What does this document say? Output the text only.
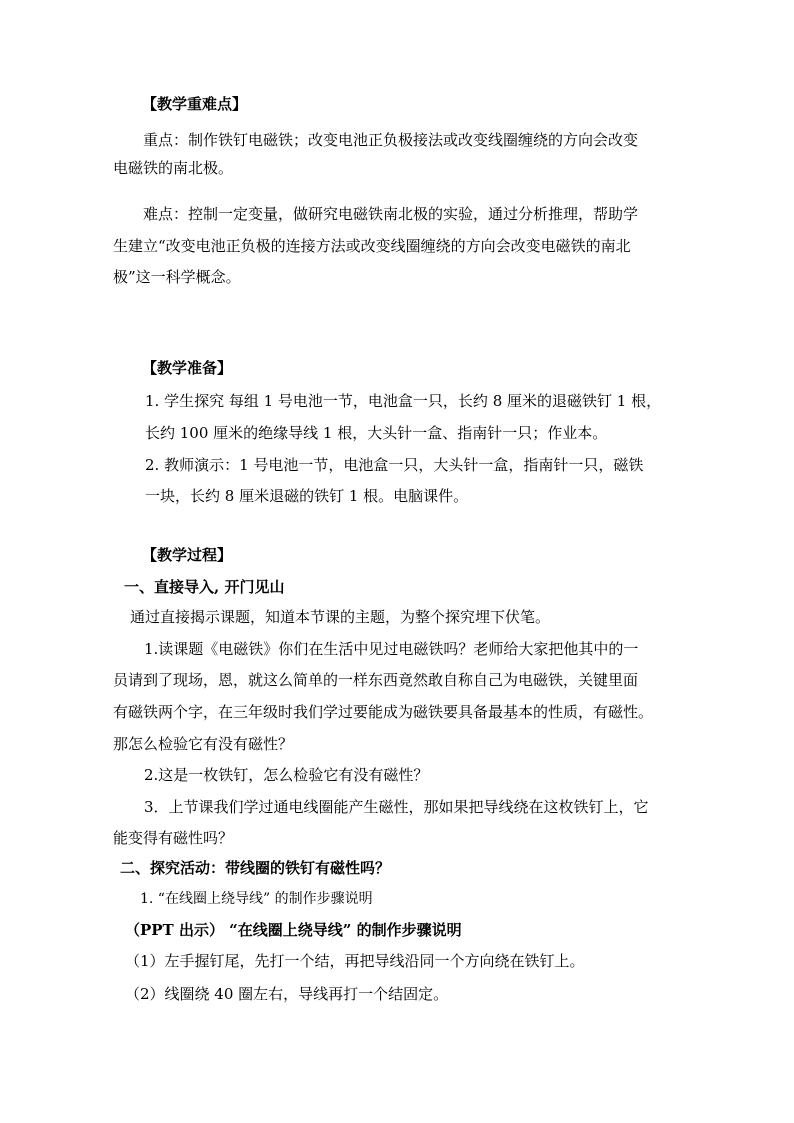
【教学重难点】
重点：制作铁钉电磁铁；改变电池正负极接法或改变线圈缠绕的方向会改变
电磁铁的南北极。
难点：控制一定变量，做研究电磁铁南北极的实验，通过分析推理，帮助学
生建立“改变电池正负极的连接方法或改变线圈缠绕的方向会改变电磁铁的南北
极”这一科学概念。
【教学准备】
1. 学生探究 每组 1 号电池一节，电池盒一只，长约 8 厘米的退磁铁钉 1 根，
长约 100 厘米的绝缘导线 1 根，大头针一盒、指南针一只；作业本。
2. 教师演示：1 号电池一节，电池盒一只，大头针一盒，指南针一只，磁铁
一块，长约 8 厘米退磁的铁钉 1 根。电脑课件。
【教学过程】
一、直接导入, 开门见山
通过直接揭示课题，知道本节课的主题，为整个探究埋下伏笔。
1.读课题《电磁铁》你们在生活中见过电磁铁吗？老师给大家把他其中的一
员请到了现场，恩，就这么简单的一样东西竟然敢自称自己为电磁铁，关键里面
有磁铁两个字，在三年级时我们学过要能成为磁铁要具备最基本的性质，有磁性。
那怎么检验它有没有磁性？
2.这是一枚铁钉，怎么检验它有没有磁性？
3．上节课我们学过通电线圈能产生磁性，那如果把导线绕在这枚铁钉上，它
能变得有磁性吗？
二、探究活动：带线圈的铁钉有磁性吗？
1. “在线圈上绕导线” 的制作步骤说明
（PPT 出示） “在线圈上绕导线” 的制作步骤说明
（1）左手握钉尾，先打一个结，再把导线沿同一个方向绕在铁钉上。
（2）线圈绕 40 圈左右，导线再打一个结固定。
